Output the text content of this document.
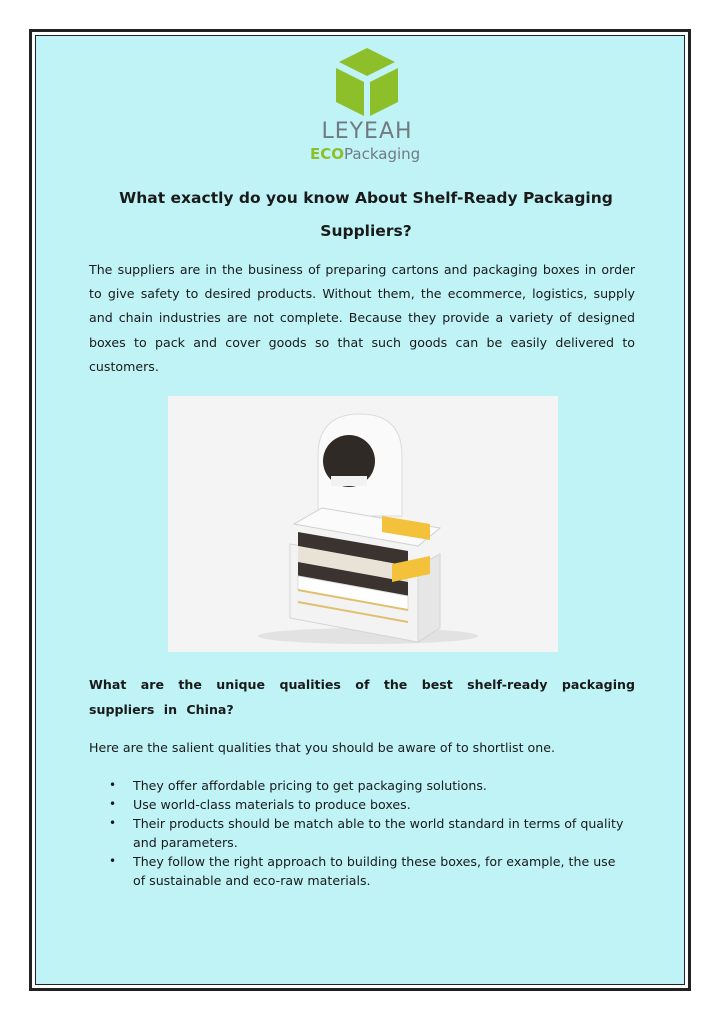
LEYEAH
ECOPackaging
What exactly do you know About Shelf-Ready Packaging Suppliers?

The suppliers are in the business of preparing cartons and packaging boxes in order to give safety to desired products. Without them, the ecommerce, logistics, supply and chain industries are not complete. Because they provide a variety of designed boxes to pack and cover goods so that such goods can be easily delivered to customers.

What are the unique qualities of the best shelf-ready packaging suppliers in China?

Here are the salient qualities that you should be aware of to shortlist one.

• They offer affordable pricing to get packaging solutions.
• Use world-class materials to produce boxes.
• Their products should be match able to the world standard in terms of quality and parameters.
• They follow the right approach to building these boxes, for example, the use of sustainable and eco-raw materials.
